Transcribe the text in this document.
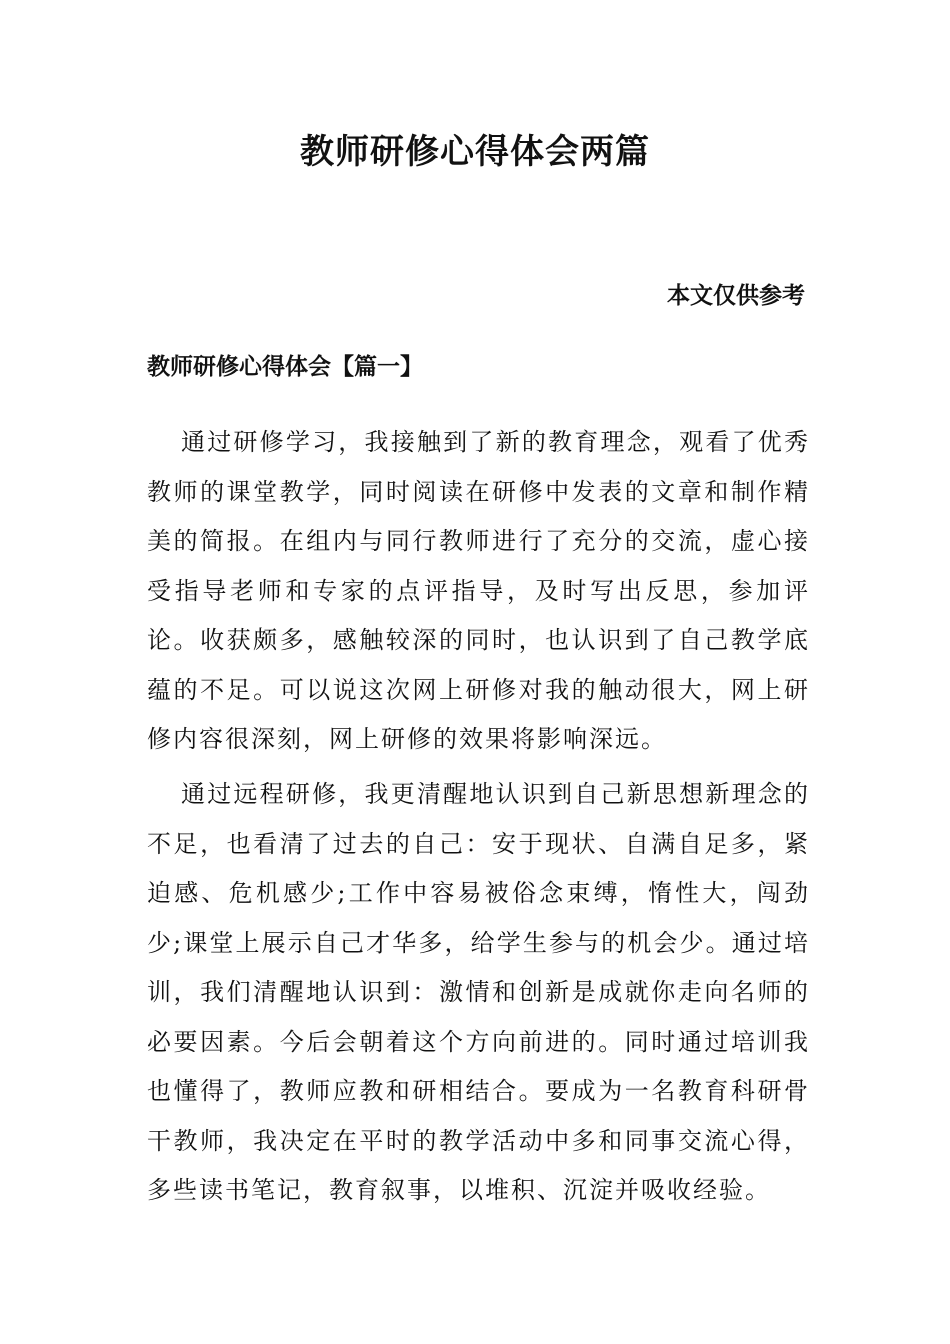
教师研修心得体会两篇
本文仅供参考
教师研修心得体会【篇一】

通过研修学习，我接触到了新的教育理念，观看了优秀教师的课堂教学，同时阅读在研修中发表的文章和制作精美的简报。在组内与同行教师进行了充分的交流，虚心接受指导老师和专家的点评指导，及时写出反思，参加评论。收获颇多，感触较深的同时，也认识到了自己教学底蕴的不足。可以说这次网上研修对我的触动很大，网上研修内容很深刻，网上研修的效果将影响深远。

通过远程研修，我更清醒地认识到自己新思想新理念的不足，也看清了过去的自己：安于现状、自满自足多，紧迫感、危机感少;工作中容易被俗念束缚，惰性大，闯劲少;课堂上展示自己才华多，给学生参与的机会少。通过培训，我们清醒地认识到：激情和创新是成就你走向名师的必要因素。今后会朝着这个方向前进的。同时通过培训我也懂得了，教师应教和研相结合。要成为一名教育科研骨干教师，我决定在平时的教学活动中多和同事交流心得，多些读书笔记，教育叙事，以堆积、沉淀并吸收经验。
